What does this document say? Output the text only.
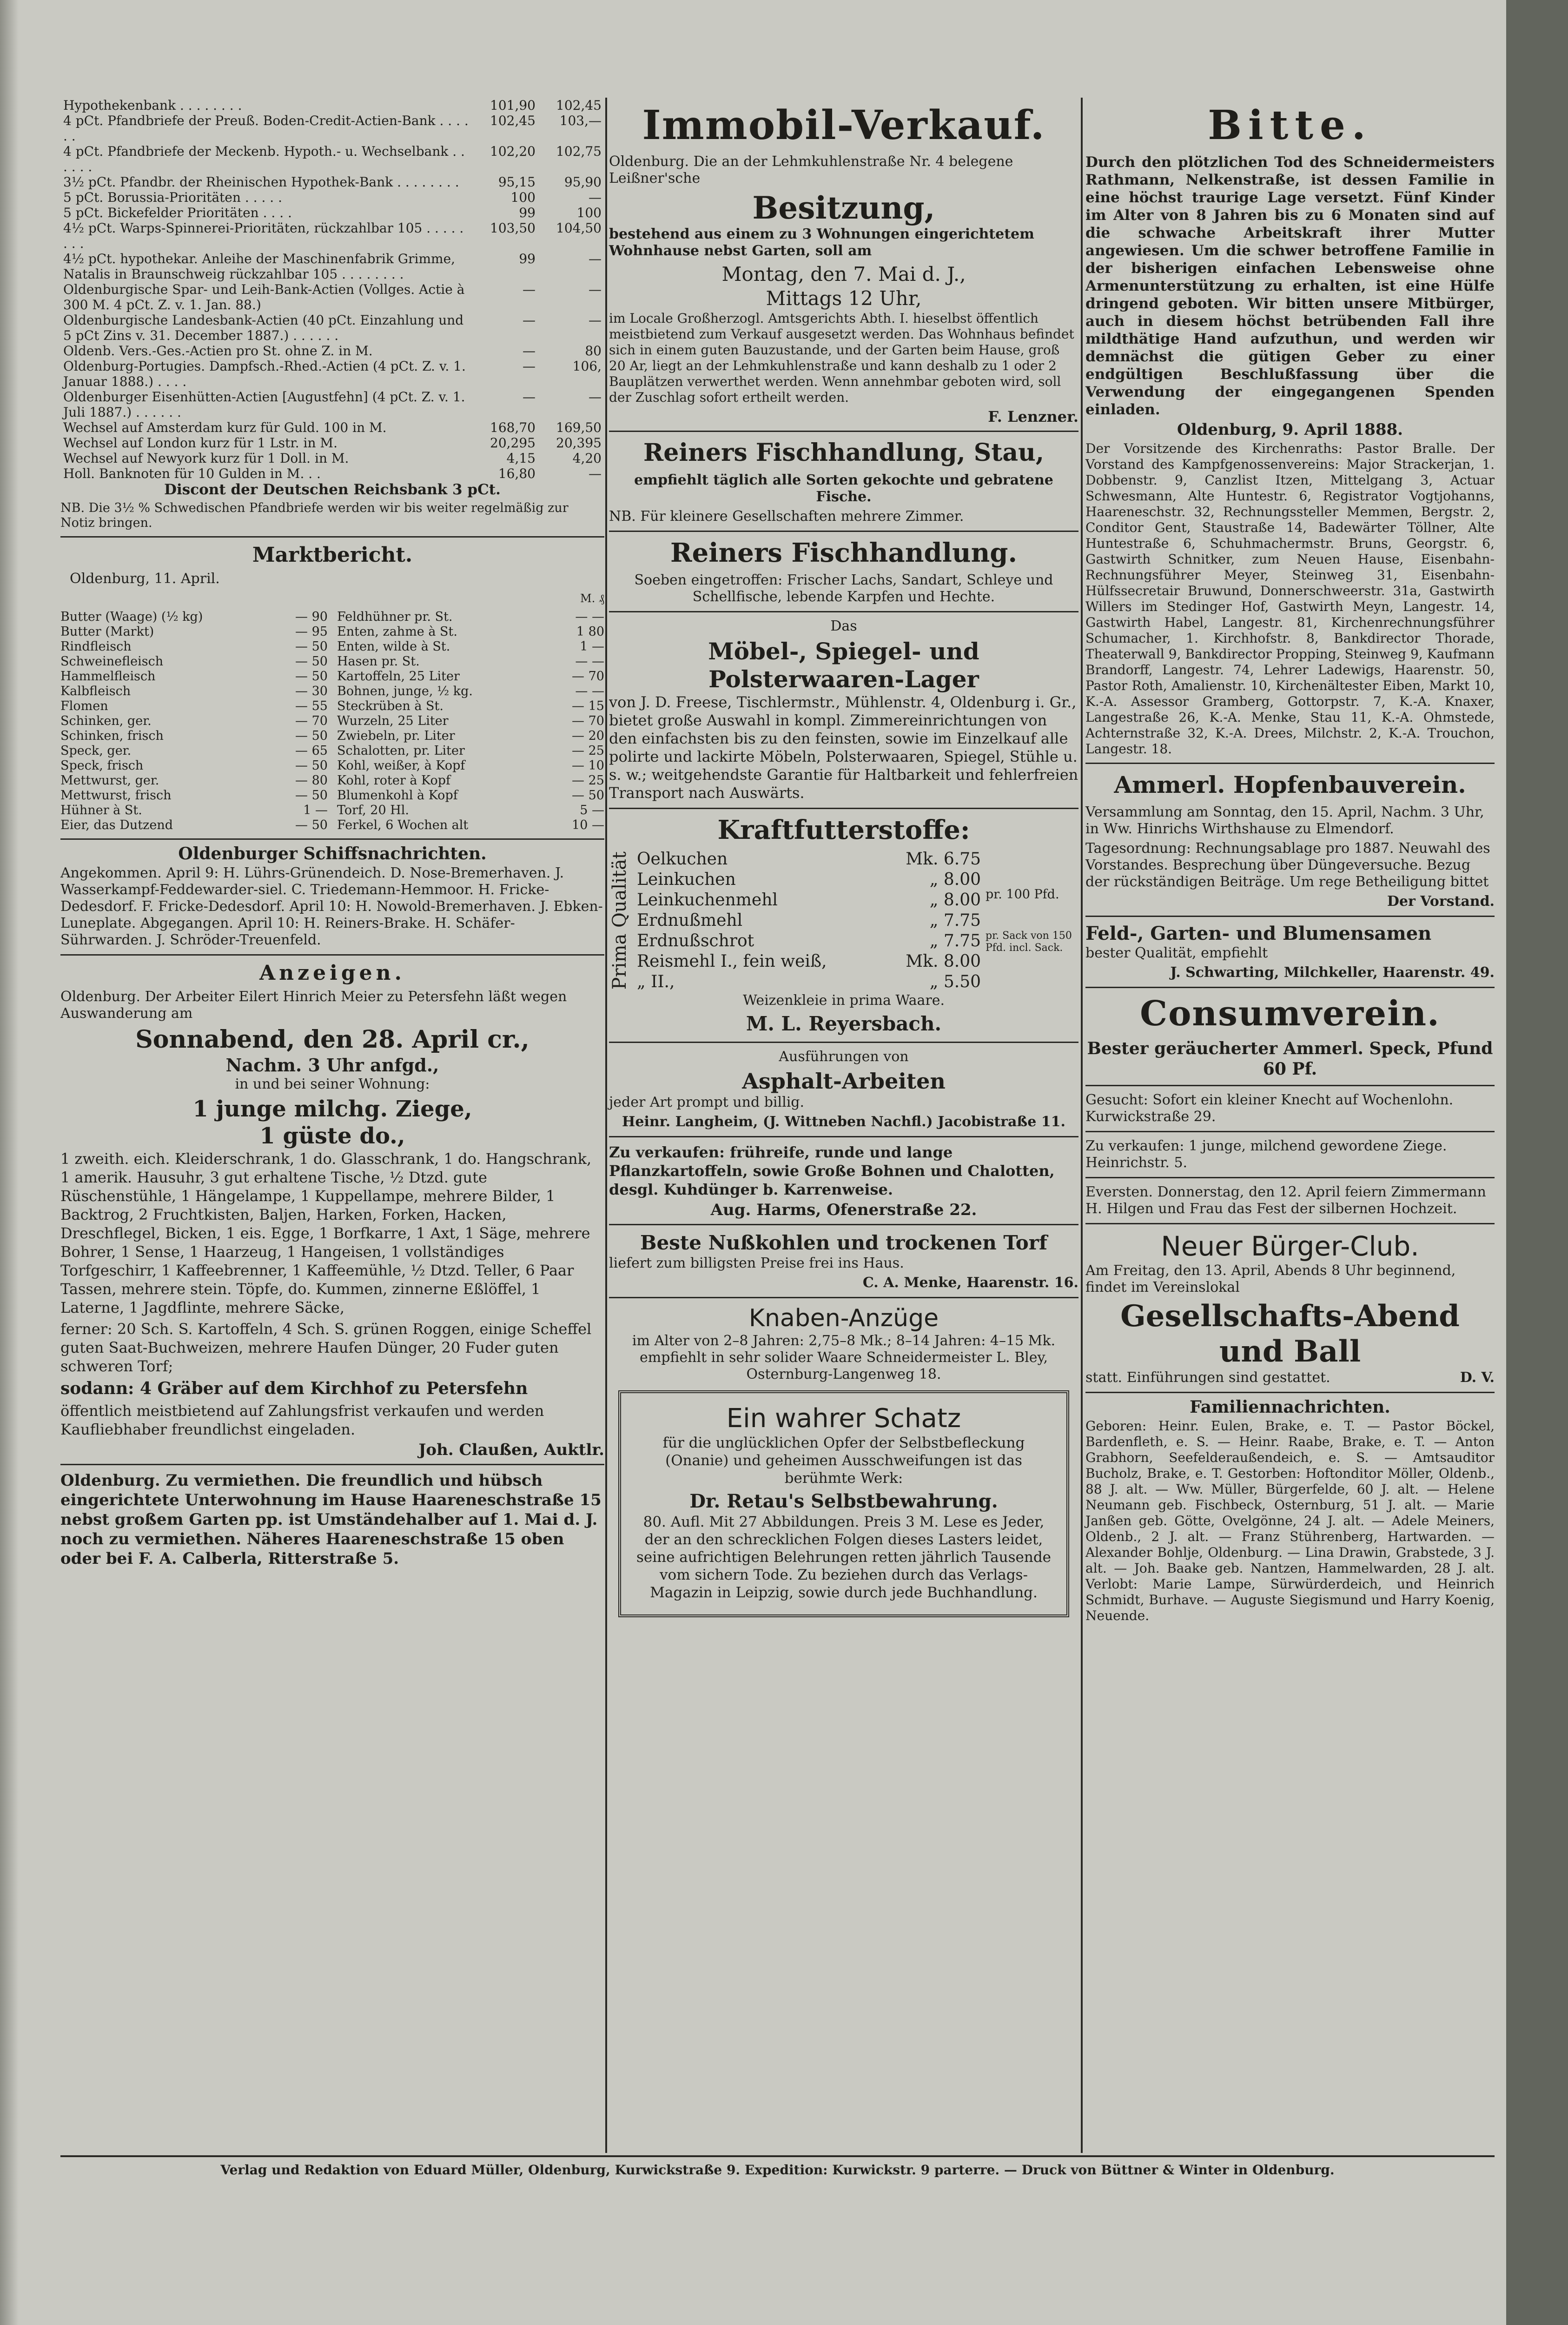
Hypothekenbank . . . . . . . .	101,90	102,45
4 pCt. Pfandbriefe der Preuß. Boden-Credit-Actien-Bank . . . . . .	102,45	103,—
4 pCt. Pfandbriefe der Meckenb. Hypoth.- u. Wechselbank . . . . . .	102,20	102,75
3½ pCt. Pfandbr. der Rheinischen Hypothek-Bank . . . . . . . .	95,15	95,90
5 pCt. Borussia-Prioritäten . . . . .	100	—
5 pCt. Bickefelder Prioritäten . . . .	99	100
4½ pCt. Warps-Spinnerei-Prioritäten, rückzahlbar 105 . . . . . . . .	103,50	104,50
4½ pCt. hypothekar. Anleihe der Maschinenfabrik Grimme, Natalis in Braunschweig rückzahlbar 105 . . . . . . . .	99	—
Oldenburgische Spar- und Leih-Bank-Actien (Vollges. Actie à 300 M. 4 pCt. Z. v. 1. Jan. 88.)	—	—
Oldenburgische Landesbank-Actien (40 pCt. Einzahlung und 5 pCt Zins v. 31. December 1887.) . . . . . .	—	—
Oldenb. Vers.-Ges.-Actien pro St. ohne Z. in M.	—	80
Oldenburg-Portugies. Dampfsch.-Rhed.-Actien (4 pCt. Z. v. 1. Januar 1888.) . . . .	—	106,
Oldenburger Eisenhütten-Actien [Augustfehn] (4 pCt. Z. v. 1. Juli 1887.) . . . . . .	—	—
Wechsel auf Amsterdam kurz für Guld. 100 in M.	168,70	169,50
Wechsel auf London kurz für 1 Lstr. in M.	20,295	20,395
Wechsel auf Newyork kurz für 1 Doll. in M.	4,15	4,20
Holl. Banknoten für 10 Gulden in M. . .	16,80	—
Discont der Deutschen Reichsbank 3 pCt.
NB. Die 3½ % Schwedischen Pfandbriefe werden wir bis weiter regelmäßig zur Notiz bringen.
Marktbericht.
Oldenburg, 11. April.
M. ₰
Butter (Waage) (½ kg)	— 90
Butter (Markt)	— 95
Rindfleisch	— 50
Schweinefleisch	— 50
Hammelfleisch	— 50
Kalbfleisch	— 30
Flomen	— 55
Schinken, ger.	— 70
Schinken, frisch	— 50
Speck, ger.	— 65
Speck, frisch	— 50
Mettwurst, ger.	— 80
Mettwurst, frisch	— 50
Hühner à St.	1 —
Eier, das Dutzend	— 50
Feldhühner pr. St.	— —
Enten, zahme à St.	1 80
Enten, wilde à St.	1 —
Hasen pr. St.	— —
Kartoffeln, 25 Liter	— 70
Bohnen, junge, ½ kg.	— —
Steckrüben à St.	— 15
Wurzeln, 25 Liter	— 70
Zwiebeln, pr. Liter	— 20
Schalotten, pr. Liter	— 25
Kohl, weißer, à Kopf	— 10
Kohl, roter à Kopf	— 25
Blumenkohl à Kopf	— 50
Torf, 20 Hl.	5 —
Ferkel, 6 Wochen alt	10 —
Oldenburger Schiffsnachrichten.
Angekommen. April 9: H. Lührs-Grünendeich. D. Nose-Bremerhaven. J. Wasserkampf-Feddewarder-siel. C. Triedemann-Hemmoor. H. Fricke-Dedesdorf. F. Fricke-Dedesdorf. April 10: H. Nowold-Bremerhaven. J. Ebken-Luneplate. Abgegangen. April 10: H. Reiners-Brake. H. Schäfer-Sührwarden. J. Schröder-Treuenfeld.
Anzeigen.
Oldenburg. Der Arbeiter Eilert Hinrich Meier zu Petersfehn läßt wegen Auswanderung am
Sonnabend, den 28. April cr.,
Nachm. 3 Uhr anfgd.,
in und bei seiner Wohnung:
1 junge milchg. Ziege,
1 güste do.,
1 zweith. eich. Kleiderschrank, 1 do. Glasschrank, 1 do. Hangschrank, 1 amerik. Hausuhr, 3 gut erhaltene Tische, ½ Dtzd. gute Rüschenstühle, 1 Hängelampe, 1 Kuppellampe, mehrere Bilder, 1 Backtrog, 2 Fruchtkisten, Baljen, Harken, Forken, Hacken, Dreschflegel, Bicken, 1 eis. Egge, 1 Borfkarre, 1 Axt, 1 Säge, mehrere Bohrer, 1 Sense, 1 Haarzeug, 1 Hangeisen, 1 vollständiges Torfgeschirr, 1 Kaffeebrenner, 1 Kaffeemühle, ½ Dtzd. Teller, 6 Paar Tassen, mehrere stein. Töpfe, do. Kummen, zinnerne Eßlöffel, 1 Laterne, 1 Jagdflinte, mehrere Säcke,
ferner: 20 Sch. S. Kartoffeln, 4 Sch. S. grünen Roggen, einige Scheffel guten Saat-Buchweizen, mehrere Haufen Dünger, 20 Fuder guten schweren Torf;
sodann: 4 Gräber auf dem Kirchhof zu Petersfehn
öffentlich meistbietend auf Zahlungsfrist verkaufen und werden Kaufliebhaber freundlichst eingeladen.
Joh. Claußen, Auktlr.
Oldenburg. Zu vermiethen. Die freundlich und hübsch eingerichtete Unterwohnung im Hause Haareneschstraße 15 nebst großem Garten pp. ist Umständehalber auf 1. Mai d. J. noch zu vermiethen. Näheres Haareneschstraße 15 oben oder bei F. A. Calberla, Ritterstraße 5.
Immobil-Verkauf.
Oldenburg. Die an der Lehmkuhlenstraße Nr. 4 belegene Leißner'sche
Besitzung,
bestehend aus einem zu 3 Wohnungen eingerichtetem Wohnhause nebst Garten, soll am
Montag, den 7. Mai d. J.,
Mittags 12 Uhr,
im Locale Großherzogl. Amtsgerichts Abth. I. hieselbst öffentlich meistbietend zum Verkauf ausgesetzt werden. Das Wohnhaus befindet sich in einem guten Bauzustande, und der Garten beim Hause, groß 20 Ar, liegt an der Lehmkuhlenstraße und kann deshalb zu 1 oder 2 Bauplätzen verwerthet werden. Wenn annehmbar geboten wird, soll der Zuschlag sofort ertheilt werden.
F. Lenzner.
Reiners Fischhandlung, Stau,
empfiehlt täglich alle Sorten gekochte und gebratene Fische.
NB. Für kleinere Gesellschaften mehrere Zimmer.
Reiners Fischhandlung.
Soeben eingetroffen: Frischer Lachs, Sandart, Schleye und Schellfische, lebende Karpfen und Hechte.
Das
Möbel-, Spiegel- und Polsterwaaren-Lager
von J. D. Freese, Tischlermstr., Mühlenstr. 4, Oldenburg i. Gr., bietet große Auswahl in kompl. Zimmereinrichtungen von den einfachsten bis zu den feinsten, sowie im Einzelkauf alle polirte und lackirte Möbeln, Polsterwaaren, Spiegel, Stühle u. s. w.; weitgehendste Garantie für Haltbarkeit und fehlerfreien Transport nach Auswärts.
Kraftfutterstoffe:
Prima Qualität Oelkuchen	Mk. 6.75
Leinkuchen	„ 8.00
Leinkuchenmehl	„ 8.00
Erdnußmehl	„ 7.75
Erdnußschrot	„ 7.75
Reismehl I., fein weiß,	Mk. 8.00
„ II.,	„ 5.50
pr. 100 Pfd.
pr. Sack von 150 Pfd. incl. Sack.
Weizenkleie in prima Waare.
M. L. Reyersbach.
Ausführungen von
Asphalt-Arbeiten
jeder Art prompt und billig.
Heinr. Langheim, (J. Wittneben Nachfl.) Jacobistraße 11.
Zu verkaufen: frühreife, runde und lange Pflanzkartoffeln, sowie Große Bohnen und Chalotten, desgl. Kuhdünger b. Karrenweise.
Aug. Harms, Ofenerstraße 22.
Beste Nußkohlen und trockenen Torf
liefert zum billigsten Preise frei ins Haus.
C. A. Menke, Haarenstr. 16.
Knaben-Anzüge
im Alter von 2–8 Jahren: 2,75–8 Mk.; 8–14 Jahren: 4–15 Mk. empfiehlt in sehr solider Waare Schneidermeister L. Bley, Osternburg-Langenweg 18.
Ein wahrer Schatz
für die unglücklichen Opfer der Selbstbefleckung (Onanie) und geheimen Ausschweifungen ist das berühmte Werk:
Dr. Retau's Selbstbewahrung.
80. Aufl. Mit 27 Abbildungen. Preis 3 M. Lese es Jeder, der an den schrecklichen Folgen dieses Lasters leidet, seine aufrichtigen Belehrungen retten jährlich Tausende vom sichern Tode. Zu beziehen durch das Verlags-Magazin in Leipzig, sowie durch jede Buchhandlung.
Bitte.
Durch den plötzlichen Tod des Schneidermeisters Rathmann, Nelkenstraße, ist dessen Familie in eine höchst traurige Lage versetzt. Fünf Kinder im Alter von 8 Jahren bis zu 6 Monaten sind auf die schwache Arbeitskraft ihrer Mutter angewiesen. Um die schwer betroffene Familie in der bisherigen einfachen Lebensweise ohne Armenunterstützung zu erhalten, ist eine Hülfe dringend geboten. Wir bitten unsere Mitbürger, auch in diesem höchst betrübenden Fall ihre mildthätige Hand aufzuthun, und werden wir demnächst die gütigen Geber zu einer endgültigen Beschlußfassung über die Verwendung der eingegangenen Spenden einladen.
Oldenburg, 9. April 1888.
Der Vorsitzende des Kirchenraths: Pastor Bralle. Der Vorstand des Kampfgenossenvereins: Major Strackerjan, 1. Dobbenstr. 9, Canzlist Itzen, Mittelgang 3, Actuar Schwesmann, Alte Huntestr. 6, Registrator Vogtjohanns, Haareneschstr. 32, Rechnungssteller Memmen, Bergstr. 2, Conditor Gent, Staustraße 14, Badewärter Töllner, Alte Huntestraße 6, Schuhmachermstr. Bruns, Georgstr. 6, Gastwirth Schnitker, zum Neuen Hause, Eisenbahn-Rechnungsführer Meyer, Steinweg 31, Eisenbahn-Hülfssecretair Bruwund, Donnerschweerstr. 31a, Gastwirth Willers im Stedinger Hof, Gastwirth Meyn, Langestr. 14, Gastwirth Habel, Langestr. 81, Kirchenrechnungsführer Schumacher, 1. Kirchhofstr. 8, Bankdirector Thorade, Theaterwall 9, Bankdirector Propping, Steinweg 9, Kaufmann Brandorff, Langestr. 74, Lehrer Ladewigs, Haarenstr. 50, Pastor Roth, Amalienstr. 10, Kirchenältester Eiben, Markt 10, K.-A. Assessor Gramberg, Gottorpstr. 7, K.-A. Knaxer, Langestraße 26, K.-A. Menke, Stau 11, K.-A. Ohmstede, Achternstraße 32, K.-A. Drees, Milchstr. 2, K.-A. Trouchon, Langestr. 18.
Ammerl. Hopfenbauverein.
Versammlung am Sonntag, den 15. April, Nachm. 3 Uhr, in Ww. Hinrichs Wirthshause zu Elmendorf.
Tagesordnung: Rechnungsablage pro 1887. Neuwahl des Vorstandes. Besprechung über Düngeversuche. Bezug der rückständigen Beiträge. Um rege Betheiligung bittet
Der Vorstand.
Feld-, Garten- und Blumensamen
bester Qualität, empfiehlt
J. Schwarting, Milchkeller, Haarenstr. 49.
Consumverein.
Bester geräucherter Ammerl. Speck, Pfund 60 Pf.
Gesucht: Sofort ein kleiner Knecht auf Wochenlohn. Kurwickstraße 29.
Zu verkaufen: 1 junge, milchend gewordene Ziege. Heinrichstr. 5.
Eversten. Donnerstag, den 12. April feiern Zimmermann H. Hilgen und Frau das Fest der silbernen Hochzeit.
Neuer Bürger-Club.
Am Freitag, den 13. April, Abends 8 Uhr beginnend, findet im Vereinslokal
Gesellschafts-Abend und Ball
statt. Einführungen sind gestattet.	D. V.
Familiennachrichten.
Geboren: Heinr. Eulen, Brake, e. T. — Pastor Böckel, Bardenfleth, e. S. — Heinr. Raabe, Brake, e. T. — Anton Grabhorn, Seefelderaußendeich, e. S. — Amtsauditor Bucholz, Brake, e. T. Gestorben: Hoftonditor Möller, Oldenb., 88 J. alt. — Ww. Müller, Bürgerfelde, 60 J. alt. — Helene Neumann geb. Fischbeck, Osternburg, 51 J. alt. — Marie Janßen geb. Götte, Ovelgönne, 24 J. alt. — Adele Meiners, Oldenb., 2 J. alt. — Franz Stührenberg, Hartwarden. — Alexander Bohlje, Oldenburg. — Lina Drawin, Grabstede, 3 J. alt. — Joh. Baake geb. Nantzen, Hammelwarden, 28 J. alt. Verlobt: Marie Lampe, Sürwürderdeich, und Heinrich Schmidt, Burhave. — Auguste Siegismund und Harry Koenig, Neuende.
Verlag und Redaktion von Eduard Müller, Oldenburg, Kurwickstraße 9. Expedition: Kurwickstr. 9 parterre. — Druck von Büttner & Winter in Oldenburg.
